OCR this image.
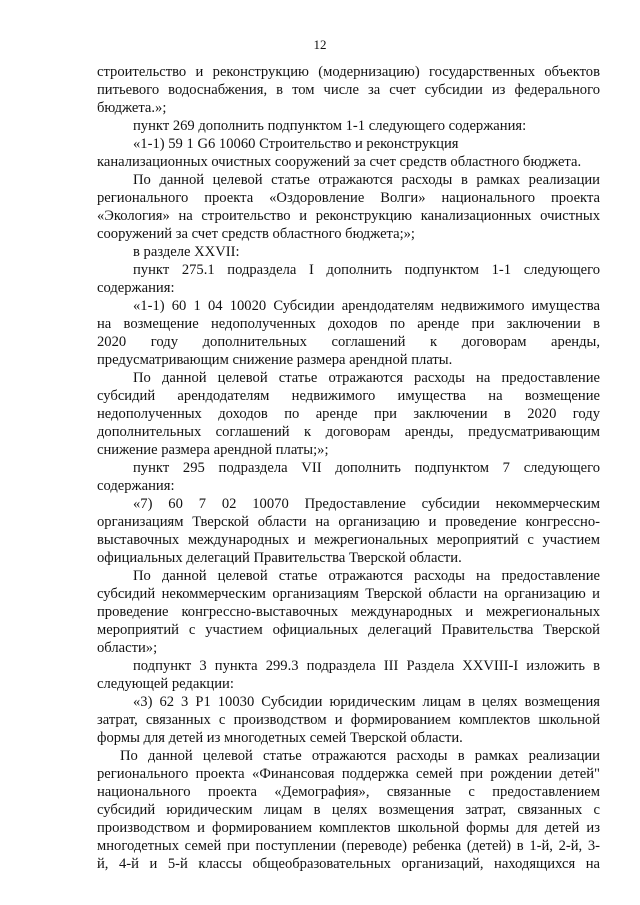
12
строительство и реконструкцию (модернизацию) государственных объектов
питьевого водоснабжения, в том числе за счет субсидии из федерального
бюджета.»;
пункт 269 дополнить подпунктом 1-1 следующего содержания:
«1-1) 59 1 G6 10060 Строительство и реконструкция
канализационных очистных сооружений за счет средств областного бюджета.
По данной целевой статье отражаются расходы в рамках реализации
регионального проекта «Оздоровление Волги» национального проекта
«Экология» на строительство и реконструкцию канализационных очистных
сооружений за счет средств областного бюджета;»;
в разделе XXVII:
пункт 275.1 подраздела I дополнить подпунктом 1-1 следующего
содержания:
«1-1) 60 1 04 10020 Субсидии арендодателям недвижимого имущества
на возмещение недополученных доходов по аренде при заключении в
2020 году дополнительных соглашений к договорам аренды,
предусматривающим снижение размера арендной платы.
По данной целевой статье отражаются расходы на предоставление
субсидий арендодателям недвижимого имущества на возмещение
недополученных доходов по аренде при заключении в 2020 году
дополнительных соглашений к договорам аренды, предусматривающим
снижение размера арендной платы;»;
пункт 295 подраздела VII дополнить подпунктом 7 следующего
содержания:
«7) 60 7 02 10070 Предоставление субсидии некоммерческим
организациям Тверской области на организацию и проведение конгрессно-
выставочных международных и межрегиональных мероприятий с участием
официальных делегаций Правительства Тверской области.
По данной целевой статье отражаются расходы на предоставление
субсидий некоммерческим организациям Тверской области на организацию и
проведение конгрессно-выставочных международных и межрегиональных
мероприятий с участием официальных делегаций Правительства Тверской
области»;
подпункт 3 пункта 299.3 подраздела III Раздела XXVIII-I изложить в
следующей редакции:
«3) 62 3 P1 10030 Субсидии юридическим лицам в целях возмещения
затрат, связанных с производством и формированием комплектов школьной
формы для детей из многодетных семей Тверской области.
По данной целевой статье отражаются расходы в рамках реализации
регионального проекта «Финансовая поддержка семей при рождении детей"
национального проекта «Демография», связанные с предоставлением
субсидий юридическим лицам в целях возмещения затрат, связанных с
производством и формированием комплектов школьной формы для детей из
многодетных семей при поступлении (переводе) ребенка (детей) в 1-й, 2-й, 3-
й, 4-й и 5-й классы общеобразовательных организаций, находящихся на
